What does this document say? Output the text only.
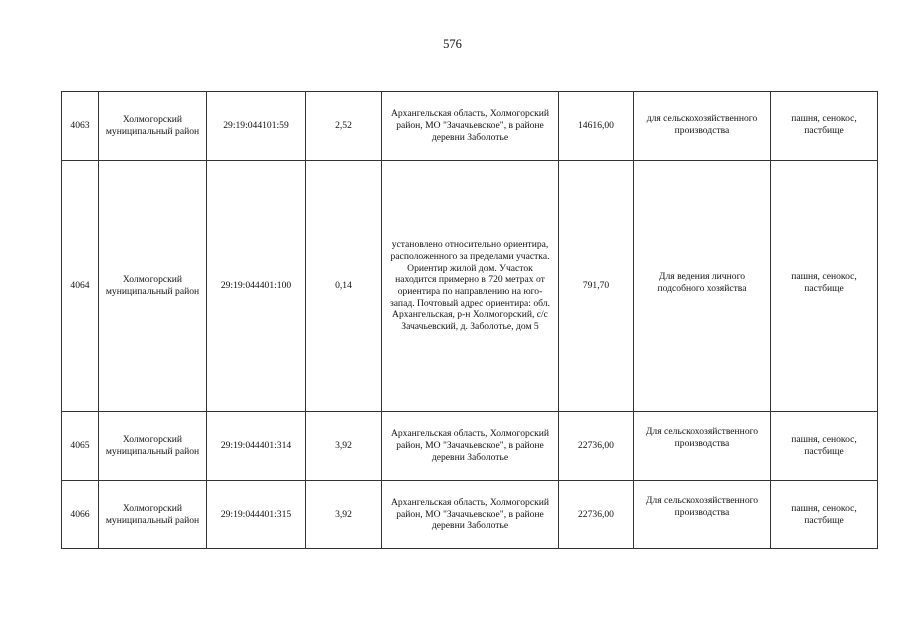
576
4063	Холмогорский муниципальный район	29:19:044101:59	2,52	Архангельская область, Холмогорский район, МО "Зачачьевское", в районе деревни Заболотье	14616,00	для сельскохозяйственного производства	пашня, сенокос, пастбище

4064	Холмогорский муниципальный район	29:19:044401:100	0,14	установлено относительно ориентира, расположенного за пределами участка. Ориентир жилой дом. Участок находится примерно в 720 метрах от ориентира по направлению на юго-запад. Почтовый адрес ориентира: обл. Архангельская, р-н Холмогорский, с/с Зачачьевский, д. Заболотье, дом 5	791,70	Для ведения личного подсобного хозяйства	пашня, сенокос, пастбище

4065	Холмогорский муниципальный район	29:19:044401:314	3,92	Архангельская область, Холмогорский район, МО "Зачачьевское", в районе деревни Заболотье	22736,00	Для сельскохозяйственного производства	пашня, сенокос, пастбище

4066	Холмогорский муниципальный район	29:19:044401:315	3,92	Архангельская область, Холмогорский район, МО "Зачачьевское", в районе деревни Заболотье	22736,00	Для сельскохозяйственного производства	пашня, сенокос, пастбище
